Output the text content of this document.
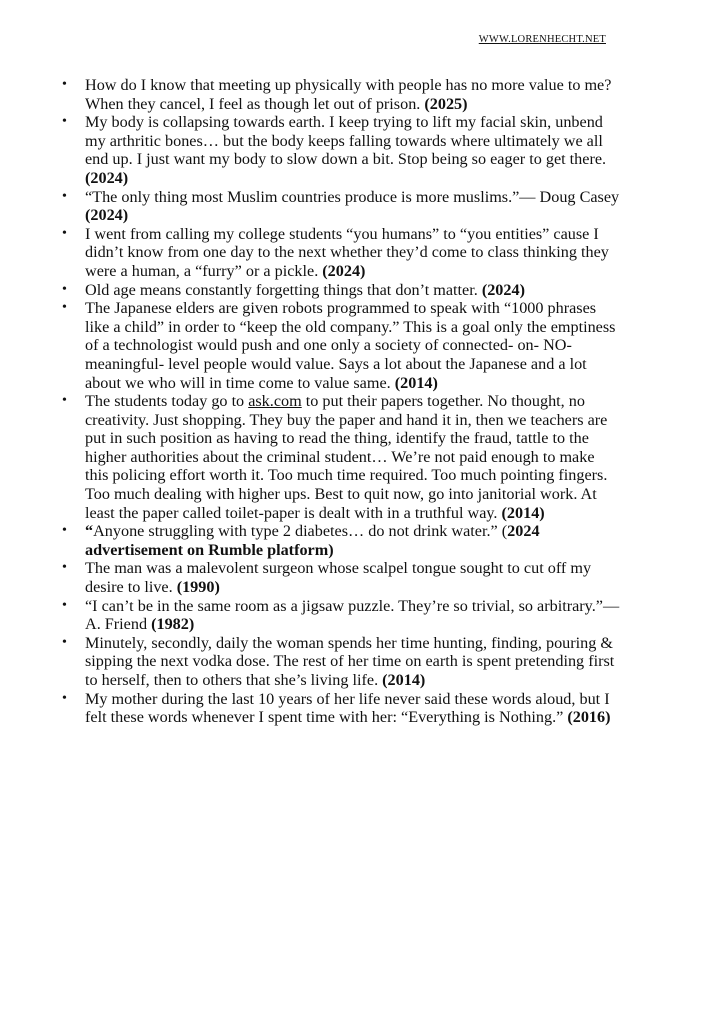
WWW.LORENHECHT.NET
• How do I know that meeting up physically with people has no more value to me? When they cancel, I feel as though let out of prison. (2025)
• My body is collapsing towards earth. I keep trying to lift my facial skin, unbend my arthritic bones… but the body keeps falling towards where ultimately we all end up. I just want my body to slow down a bit. Stop being so eager to get there. (2024)
• “The only thing most Muslim countries produce is more muslims.”— Doug Casey (2024)
• I went from calling my college students “you humans” to “you entities” cause I didn’t know from one day to the next whether they’d come to class thinking they were a human, a “furry” or a pickle. (2024)
• Old age means constantly forgetting things that don’t matter. (2024)
• The Japanese elders are given robots programmed to speak with “1000 phrases like a child” in order to “keep the old company.” This is a goal only the emptiness of a technologist would push and one only a society of connected- on- NO- meaningful- level people would value. Says a lot about the Japanese and a lot about we who will in time come to value same. (2014)
• The students today go to ask.com to put their papers together. No thought, no creativity. Just shopping. They buy the paper and hand it in, then we teachers are put in such position as having to read the thing, identify the fraud, tattle to the higher authorities about the criminal student… We’re not paid enough to make this policing effort worth it. Too much time required. Too much pointing fingers. Too much dealing with higher ups. Best to quit now, go into janitorial work. At least the paper called toilet-paper is dealt with in a truthful way. (2014)
• “Anyone struggling with type 2 diabetes… do not drink water.” (2024 advertisement on Rumble platform)
• The man was a malevolent surgeon whose scalpel tongue sought to cut off my desire to live. (1990)
• “I can’t be in the same room as a jigsaw puzzle. They’re so trivial, so arbitrary.”— A. Friend (1982)
• Minutely, secondly, daily the woman spends her time hunting, finding, pouring & sipping the next vodka dose. The rest of her time on earth is spent pretending first to herself, then to others that she’s living life. (2014)
• My mother during the last 10 years of her life never said these words aloud, but I felt these words whenever I spent time with her: “Everything is Nothing.” (2016)
